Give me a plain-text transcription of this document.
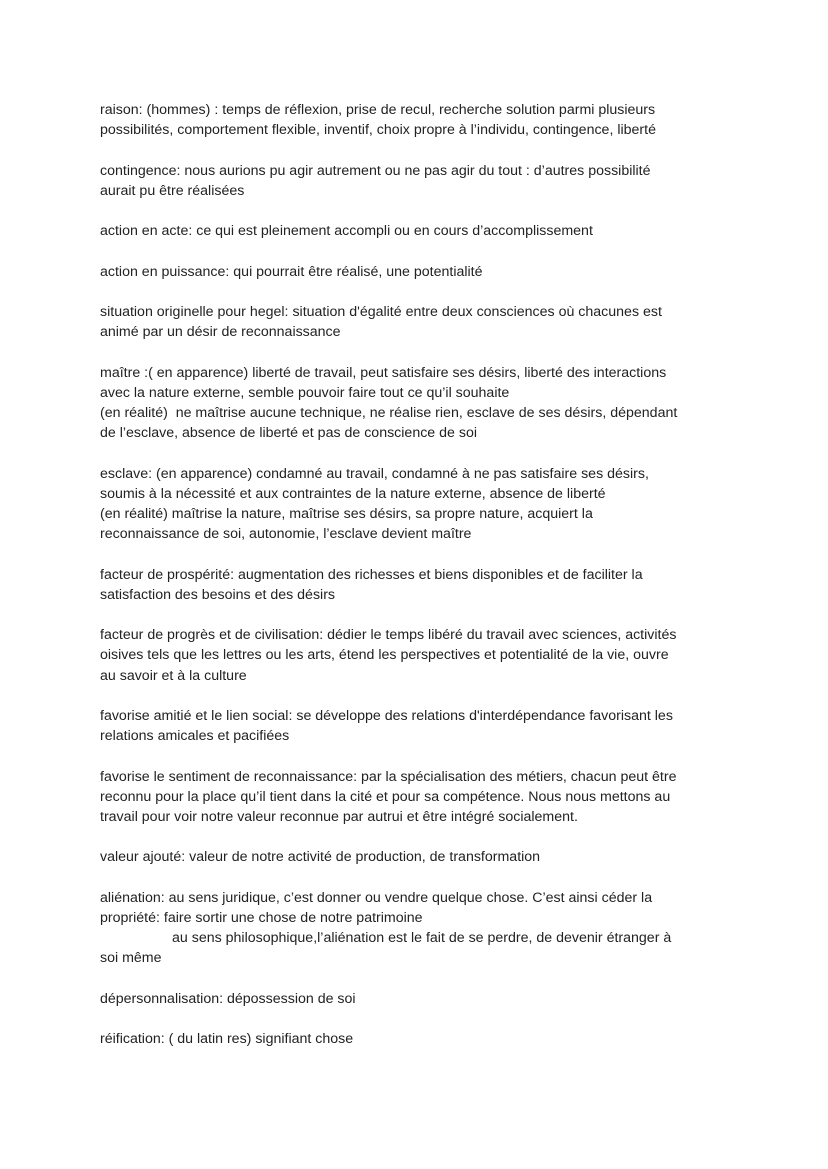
raison: (hommes) : temps de réflexion, prise de recul, recherche solution parmi plusieurs
possibilités, comportement flexible, inventif, choix propre à l’individu, contingence, liberté
contingence: nous aurions pu agir autrement ou ne pas agir du tout : d’autres possibilité
aurait pu être réalisées
action en acte: ce qui est pleinement accompli ou en cours d’accomplissement
action en puissance: qui pourrait être réalisé, une potentialité
situation originelle pour hegel: situation d'égalité entre deux consciences où chacunes est
animé par un désir de reconnaissance
maître :( en apparence) liberté de travail, peut satisfaire ses désirs, liberté des interactions
avec la nature externe, semble pouvoir faire tout ce qu’il souhaite
(en réalité)  ne maîtrise aucune technique, ne réalise rien, esclave de ses désirs, dépendant
de l’esclave, absence de liberté et pas de conscience de soi
esclave: (en apparence) condamné au travail, condamné à ne pas satisfaire ses désirs,
soumis à la nécessité et aux contraintes de la nature externe, absence de liberté
(en réalité) maîtrise la nature, maîtrise ses désirs, sa propre nature, acquiert la
reconnaissance de soi, autonomie, l’esclave devient maître
facteur de prospérité: augmentation des richesses et biens disponibles et de faciliter la
satisfaction des besoins et des désirs
facteur de progrès et de civilisation: dédier le temps libéré du travail avec sciences, activités
oisives tels que les lettres ou les arts, étend les perspectives et potentialité de la vie, ouvre
au savoir et à la culture
favorise amitié et le lien social: se développe des relations d'interdépendance favorisant les
relations amicales et pacifiées
favorise le sentiment de reconnaissance: par la spécialisation des métiers, chacun peut être
reconnu pour la place qu’il tient dans la cité et pour sa compétence. Nous nous mettons au
travail pour voir notre valeur reconnue par autrui et être intégré socialement.
valeur ajouté: valeur de notre activité de production, de transformation
aliénation: au sens juridique, c’est donner ou vendre quelque chose. C’est ainsi céder la
propriété: faire sortir une chose de notre patrimoine
au sens philosophique,l’aliénation est le fait de se perdre, de devenir étranger à
soi même
dépersonnalisation: dépossession de soi
réification: ( du latin res) signifiant chose
